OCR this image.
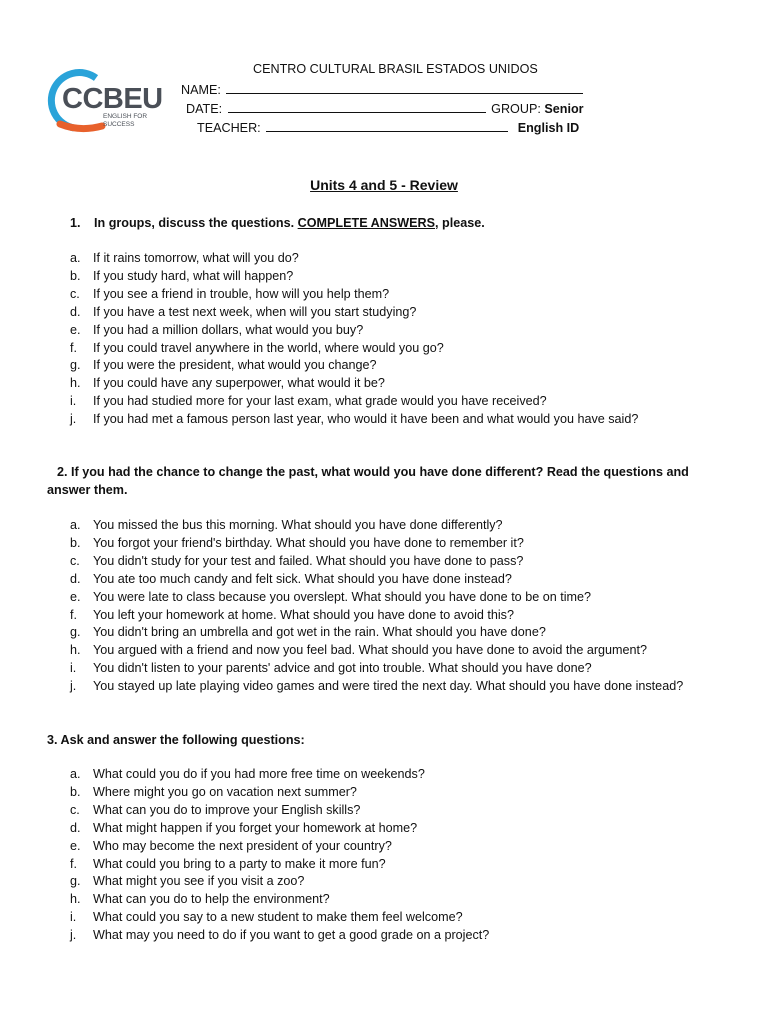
CCBEU
ENGLISH FOR SUCCESS
CENTRO CULTURAL BRASIL ESTADOS UNIDOS
NAME:
DATE:	GROUP: Senior
TEACHER:	English ID
Units 4 and 5 - Review
1. In groups, discuss the questions. COMPLETE ANSWERS, please.
a. If it rains tomorrow, what will you do?
b. If you study hard, what will happen?
c. If you see a friend in trouble, how will you help them?
d. If you have a test next week, when will you start studying?
e. If you had a million dollars, what would you buy?
f. If you could travel anywhere in the world, where would you go?
g. If you were the president, what would you change?
h. If you could have any superpower, what would it be?
i. If you had studied more for your last exam, what grade would you have received?
j. If you had met a famous person last year, who would it have been and what would you have said?
2. If you had the chance to change the past, what would you have done different? Read the questions and answer them.
a. You missed the bus this morning. What should you have done differently?
b. You forgot your friend's birthday. What should you have done to remember it?
c. You didn't study for your test and failed. What should you have done to pass?
d. You ate too much candy and felt sick. What should you have done instead?
e. You were late to class because you overslept. What should you have done to be on time?
f. You left your homework at home. What should you have done to avoid this?
g. You didn't bring an umbrella and got wet in the rain. What should you have done?
h. You argued with a friend and now you feel bad. What should you have done to avoid the argument?
i. You didn't listen to your parents' advice and got into trouble. What should you have done?
j. You stayed up late playing video games and were tired the next day. What should you have done instead?
3. Ask and answer the following questions:
a. What could you do if you had more free time on weekends?
b. Where might you go on vacation next summer?
c. What can you do to improve your English skills?
d. What might happen if you forget your homework at home?
e. Who may become the next president of your country?
f. What could you bring to a party to make it more fun?
g. What might you see if you visit a zoo?
h. What can you do to help the environment?
i. What could you say to a new student to make them feel welcome?
j. What may you need to do if you want to get a good grade on a project?
